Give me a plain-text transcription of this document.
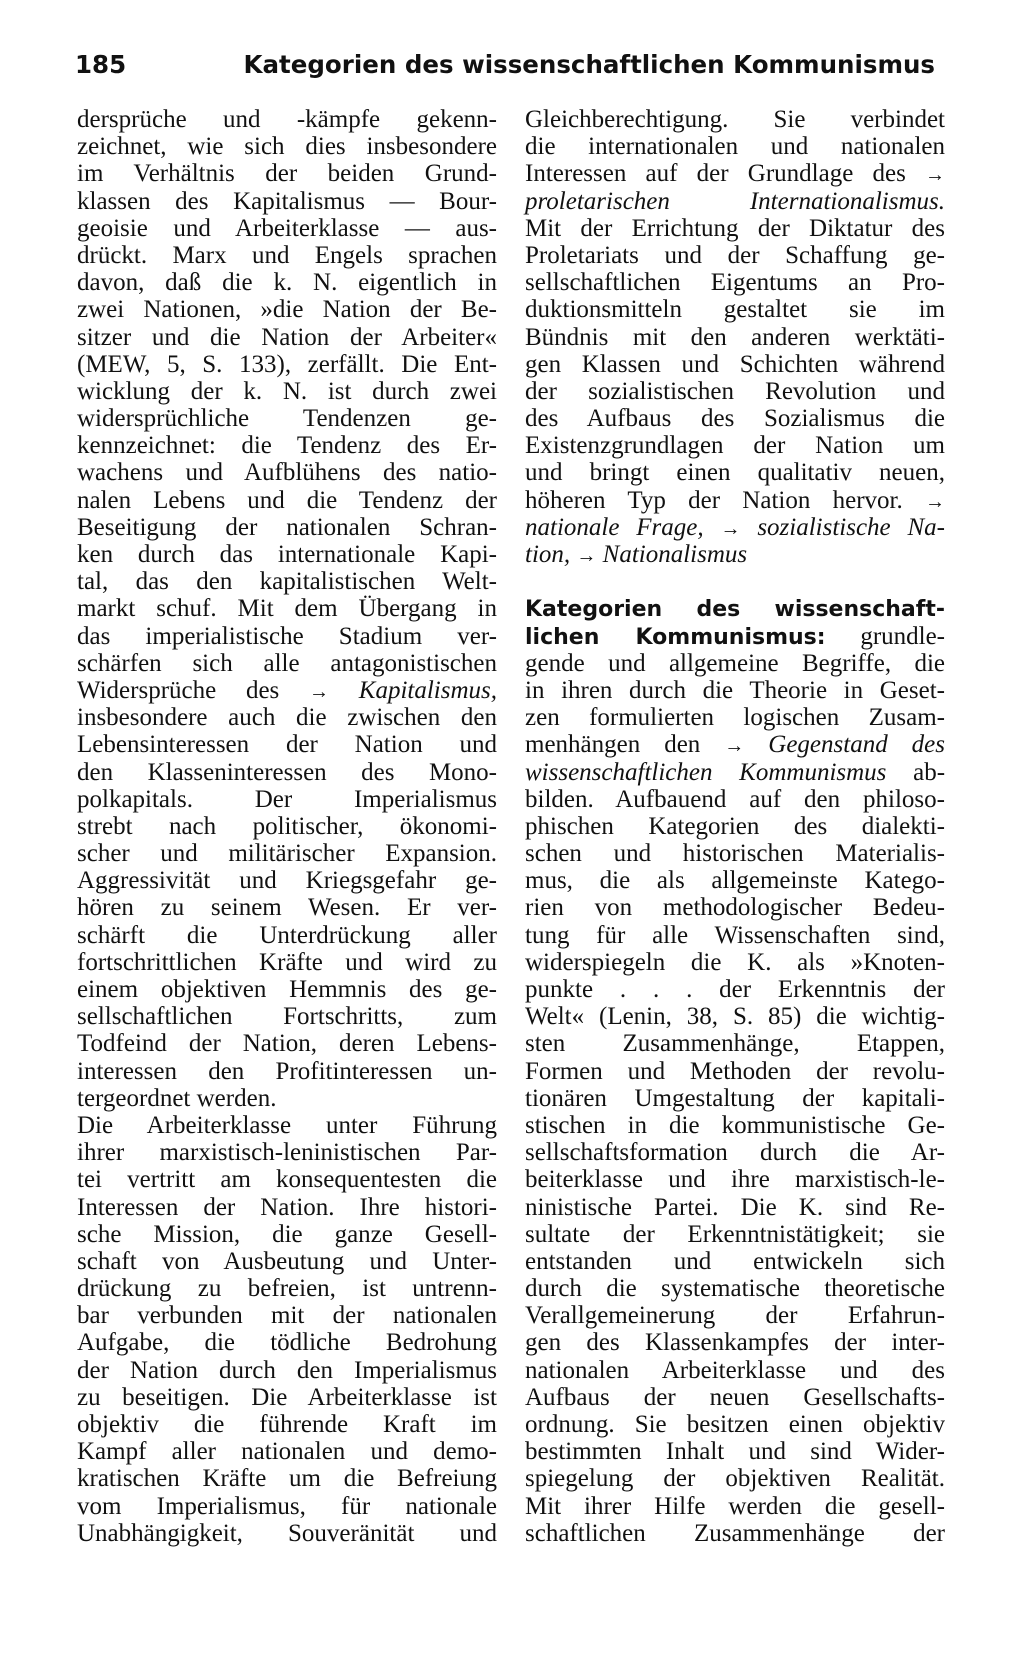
185	Kategorien des wissenschaftlichen Kommunismus
dersprüche und -kämpfe gekenn-
zeichnet, wie sich dies insbesondere
im Verhältnis der beiden Grund-
klassen des Kapitalismus — Bour-
geoisie und Arbeiterklasse — aus-
drückt. Marx und Engels sprachen
davon, daß die k. N. eigentlich in
zwei Nationen, »die Nation der Be-
sitzer und die Nation der Arbeiter«
(MEW, 5, S. 133), zerfällt. Die Ent-
wicklung der k. N. ist durch zwei
widersprüchliche Tendenzen ge-
kennzeichnet: die Tendenz des Er-
wachens und Aufblühens des natio-
nalen Lebens und die Tendenz der
Beseitigung der nationalen Schran-
ken durch das internationale Kapi-
tal, das den kapitalistischen Welt-
markt schuf. Mit dem Übergang in
das imperialistische Stadium ver-
schärfen sich alle antagonistischen
Widersprüche des → Kapitalismus,
insbesondere auch die zwischen den
Lebensinteressen der Nation und
den Klasseninteressen des Mono-
polkapitals. Der Imperialismus
strebt nach politischer, ökonomi-
scher und militärischer Expansion.
Aggressivität und Kriegsgefahr ge-
hören zu seinem Wesen. Er ver-
schärft die Unterdrückung aller
fortschrittlichen Kräfte und wird zu
einem objektiven Hemmnis des ge-
sellschaftlichen Fortschritts, zum
Todfeind der Nation, deren Lebens-
interessen den Profitinteressen un-
tergeordnet werden.
Die Arbeiterklasse unter Führung
ihrer marxistisch-leninistischen Par-
tei vertritt am konsequentesten die
Interessen der Nation. Ihre histori-
sche Mission, die ganze Gesell-
schaft von Ausbeutung und Unter-
drückung zu befreien, ist untrenn-
bar verbunden mit der nationalen
Aufgabe, die tödliche Bedrohung
der Nation durch den Imperialismus
zu beseitigen. Die Arbeiterklasse ist
objektiv die führende Kraft im
Kampf aller nationalen und demo-
kratischen Kräfte um die Befreiung
vom Imperialismus, für nationale
Unabhängigkeit, Souveränität und
Gleichberechtigung. Sie verbindet
die internationalen und nationalen
Interessen auf der Grundlage des →
proletarischen Internationalismus.
Mit der Errichtung der Diktatur des
Proletariats und der Schaffung ge-
sellschaftlichen Eigentums an Pro-
duktionsmitteln gestaltet sie im
Bündnis mit den anderen werktäti-
gen Klassen und Schichten während
der sozialistischen Revolution und
des Aufbaus des Sozialismus die
Existenzgrundlagen der Nation um
und bringt einen qualitativ neuen,
höheren Typ der Nation hervor. →
nationale Frage, → sozialistische Na-
tion, → Nationalismus
Kategorien des wissenschaft-
lichen Kommunismus: grundle-
gende und allgemeine Begriffe, die
in ihren durch die Theorie in Geset-
zen formulierten logischen Zusam-
menhängen den → Gegenstand des
wissenschaftlichen Kommunismus ab-
bilden. Aufbauend auf den philoso-
phischen Kategorien des dialekti-
schen und historischen Materialis-
mus, die als allgemeinste Katego-
rien von methodologischer Bedeu-
tung für alle Wissenschaften sind,
widerspiegeln die K. als »Knoten-
punkte . . . der Erkenntnis der
Welt« (Lenin, 38, S. 85) die wichtig-
sten Zusammenhänge, Etappen,
Formen und Methoden der revolu-
tionären Umgestaltung der kapitali-
stischen in die kommunistische Ge-
sellschaftsformation durch die Ar-
beiterklasse und ihre marxistisch-le-
ninistische Partei. Die K. sind Re-
sultate der Erkenntnistätigkeit; sie
entstanden und entwickeln sich
durch die systematische theoretische
Verallgemeinerung der Erfahrun-
gen des Klassenkampfes der inter-
nationalen Arbeiterklasse und des
Aufbaus der neuen Gesellschafts-
ordnung. Sie besitzen einen objektiv
bestimmten Inhalt und sind Wider-
spiegelung der objektiven Realität.
Mit ihrer Hilfe werden die gesell-
schaftlichen Zusammenhänge der
